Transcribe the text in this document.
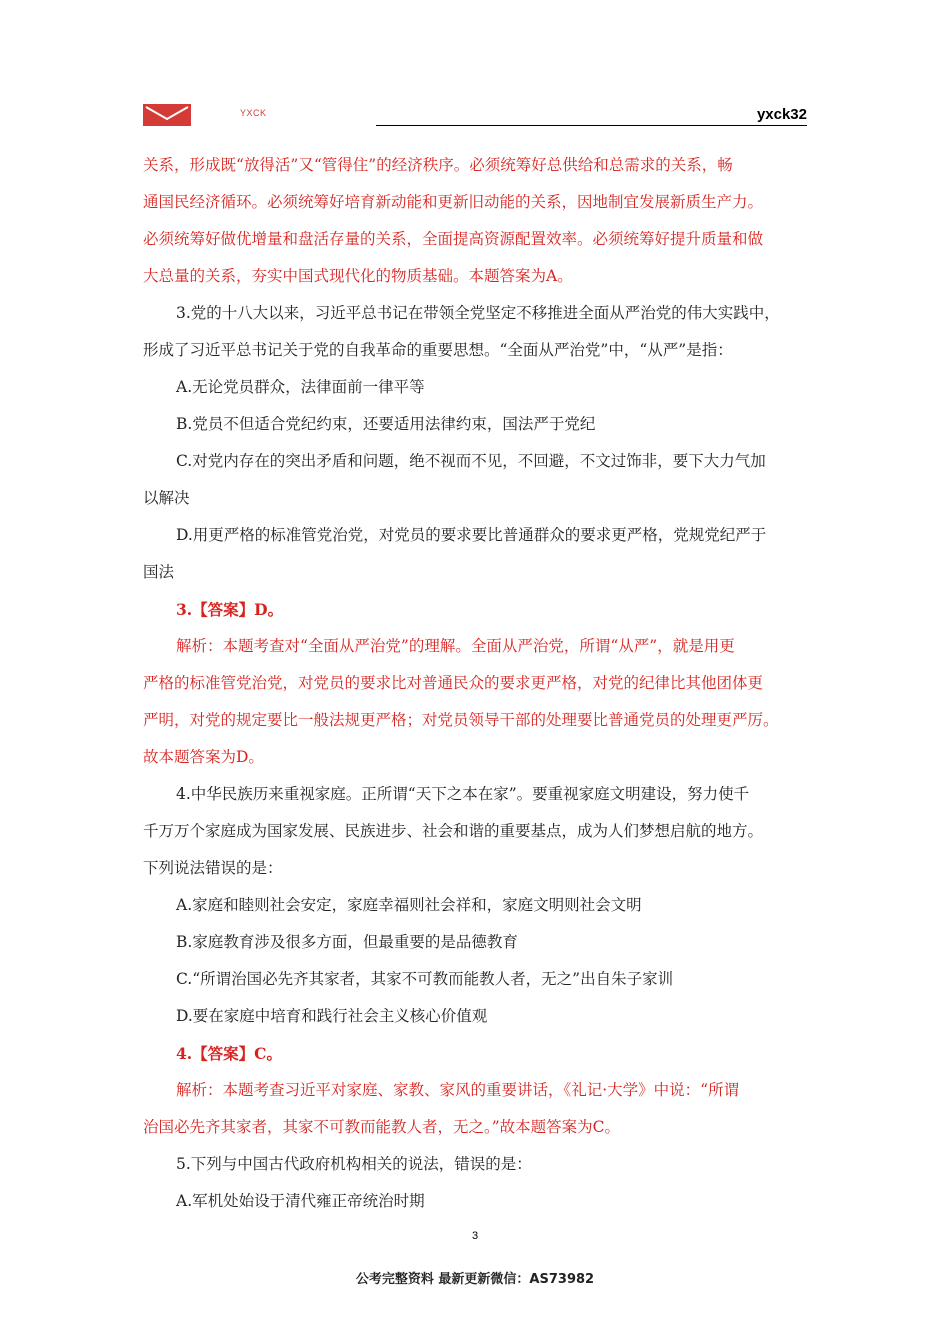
YXCK	yxck32

关系，形成既“放得活”又“管得住”的经济秩序。必须统筹好总供给和总需求的关系，畅

通国民经济循环。必须统筹好培育新动能和更新旧动能的关系，因地制宜发展新质生产力。

必须统筹好做优增量和盘活存量的关系，全面提高资源配置效率。必须统筹好提升质量和做

大总量的关系，夯实中国式现代化的物质基础。本题答案为A。

3.党的十八大以来，习近平总书记在带领全党坚定不移推进全面从严治党的伟大实践中，

形成了习近平总书记关于党的自我革命的重要思想。“全面从严治党”中，“从严”是指：

A.无论党员群众，法律面前一律平等

B.党员不但适合党纪约束，还要适用法律约束，国法严于党纪

C.对党内存在的突出矛盾和问题，绝不视而不见，不回避，不文过饰非，要下大力气加

以解决

D.用更严格的标准管党治党，对党员的要求要比普通群众的要求更严格，党规党纪严于

国法

3.【答案】D。

解析：本题考查对“全面从严治党”的理解。全面从严治党，所谓“从严”，就是用更

严格的标准管党治党，对党员的要求比对普通民众的要求更严格，对党的纪律比其他团体更

严明，对党的规定要比一般法规更严格；对党员领导干部的处理要比普通党员的处理更严厉。

故本题答案为D。

4.中华民族历来重视家庭。正所谓“天下之本在家”。要重视家庭文明建设，努力使千

千万万个家庭成为国家发展、民族进步、社会和谐的重要基点，成为人们梦想启航的地方。

下列说法错误的是：

A.家庭和睦则社会安定，家庭幸福则社会祥和，家庭文明则社会文明

B.家庭教育涉及很多方面，但最重要的是品德教育

C.“所谓治国必先齐其家者，其家不可教而能教人者，无之”出自朱子家训

D.要在家庭中培育和践行社会主义核心价值观

4.【答案】C。

解析：本题考查习近平对家庭、家教、家风的重要讲话，《礼记·大学》中说：“所谓

治国必先齐其家者，其家不可教而能教人者，无之。”故本题答案为C。

5.下列与中国古代政府机构相关的说法，错误的是：

A.军机处始设于清代雍正帝统治时期

3
公考完整资料 最新更新微信：AS73982
